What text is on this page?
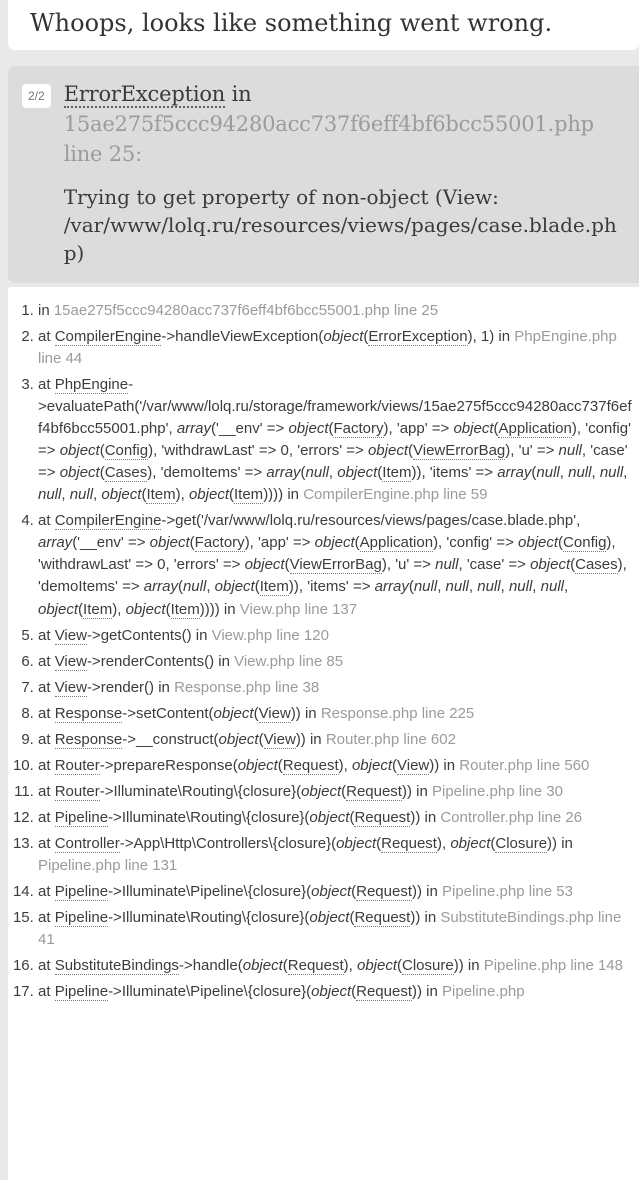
Whoops, looks like something went wrong.
2/2 ErrorException in 15ae275f5ccc94280acc737f6eff4bf6bcc55001.php line 25:

Trying to get property of non-object (View: /var/www/lolq.ru/resources/views/pages/case.blade.php)

1. in 15ae275f5ccc94280acc737f6eff4bf6bcc55001.php line 25
2. at CompilerEngine->handleViewException(object(ErrorException), 1) in PhpEngine.php line 44
3. at PhpEngine->evaluatePath('/var/www/lolq.ru/storage/framework/views/15ae275f5ccc94280acc737f6eff4bf6bcc55001.php', array('__env' => object(Factory), 'app' => object(Application), 'config' => object(Config), 'withdrawLast' => 0, 'errors' => object(ViewErrorBag), 'u' => null, 'case' => object(Cases), 'demoItems' => array(null, object(Item)), 'items' => array(null, null, null, null, null, object(Item), object(Item)))) in CompilerEngine.php line 59
4. at CompilerEngine->get('/var/www/lolq.ru/resources/views/pages/case.blade.php', array('__env' => object(Factory), 'app' => object(Application), 'config' => object(Config), 'withdrawLast' => 0, 'errors' => object(ViewErrorBag), 'u' => null, 'case' => object(Cases), 'demoItems' => array(null, object(Item)), 'items' => array(null, null, null, null, null, object(Item), object(Item)))) in View.php line 137
5. at View->getContents() in View.php line 120
6. at View->renderContents() in View.php line 85
7. at View->render() in Response.php line 38
8. at Response->setContent(object(View)) in Response.php line 225
9. at Response->__construct(object(View)) in Router.php line 602
10. at Router->prepareResponse(object(Request), object(View)) in Router.php line 560
11. at Router->Illuminate\Routing\{closure}(object(Request)) in Pipeline.php line 30
12. at Pipeline->Illuminate\Routing\{closure}(object(Request)) in Controller.php line 26
13. at Controller->App\Http\Controllers\{closure}(object(Request), object(Closure)) in Pipeline.php line 131
14. at Pipeline->Illuminate\Pipeline\{closure}(object(Request)) in Pipeline.php line 53
15. at Pipeline->Illuminate\Routing\{closure}(object(Request)) in SubstituteBindings.php line 41
16. at SubstituteBindings->handle(object(Request), object(Closure)) in Pipeline.php line 148
17. at Pipeline->Illuminate\Pipeline\{closure}(object(Request)) in Pipeline.php
